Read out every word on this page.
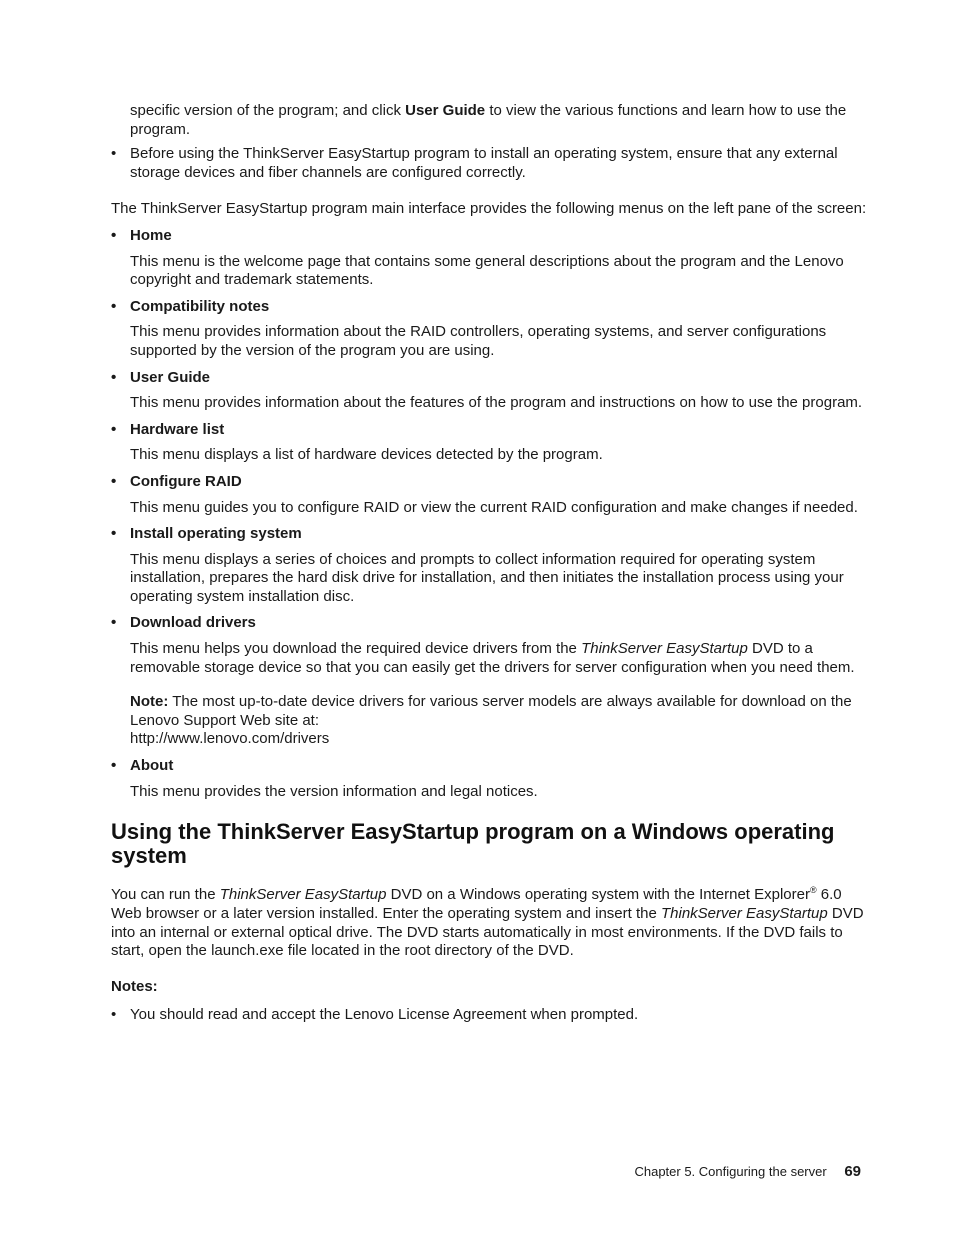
specific version of the program; and click User Guide to view the various functions and learn how to use the program.

• Before using the ThinkServer EasyStartup program to install an operating system, ensure that any external storage devices and fiber channels are configured correctly.

The ThinkServer EasyStartup program main interface provides the following menus on the left pane of the screen:

• Home

This menu is the welcome page that contains some general descriptions about the program and the Lenovo copyright and trademark statements.

• Compatibility notes

This menu provides information about the RAID controllers, operating systems, and server configurations supported by the version of the program you are using.

• User Guide

This menu provides information about the features of the program and instructions on how to use the program.

• Hardware list

This menu displays a list of hardware devices detected by the program.

• Configure RAID

This menu guides you to configure RAID or view the current RAID configuration and make changes if needed.

• Install operating system

This menu displays a series of choices and prompts to collect information required for operating system installation, prepares the hard disk drive for installation, and then initiates the installation process using your operating system installation disc.

• Download drivers

This menu helps you download the required device drivers from the ThinkServer EasyStartup DVD to a removable storage device so that you can easily get the drivers for server configuration when you need them.

Note: The most up-to-date device drivers for various server models are always available for download on the Lenovo Support Web site at:
http://www.lenovo.com/drivers

• About

This menu provides the version information and legal notices.

Using the ThinkServer EasyStartup program on a Windows operating system

You can run the ThinkServer EasyStartup DVD on a Windows operating system with the Internet Explorer® 6.0 Web browser or a later version installed. Enter the operating system and insert the ThinkServer EasyStartup DVD into an internal or external optical drive. The DVD starts automatically in most environments. If the DVD fails to start, open the launch.exe file located in the root directory of the DVD.

Notes:

• You should read and accept the Lenovo License Agreement when prompted.
Chapter 5. Configuring the server 69
